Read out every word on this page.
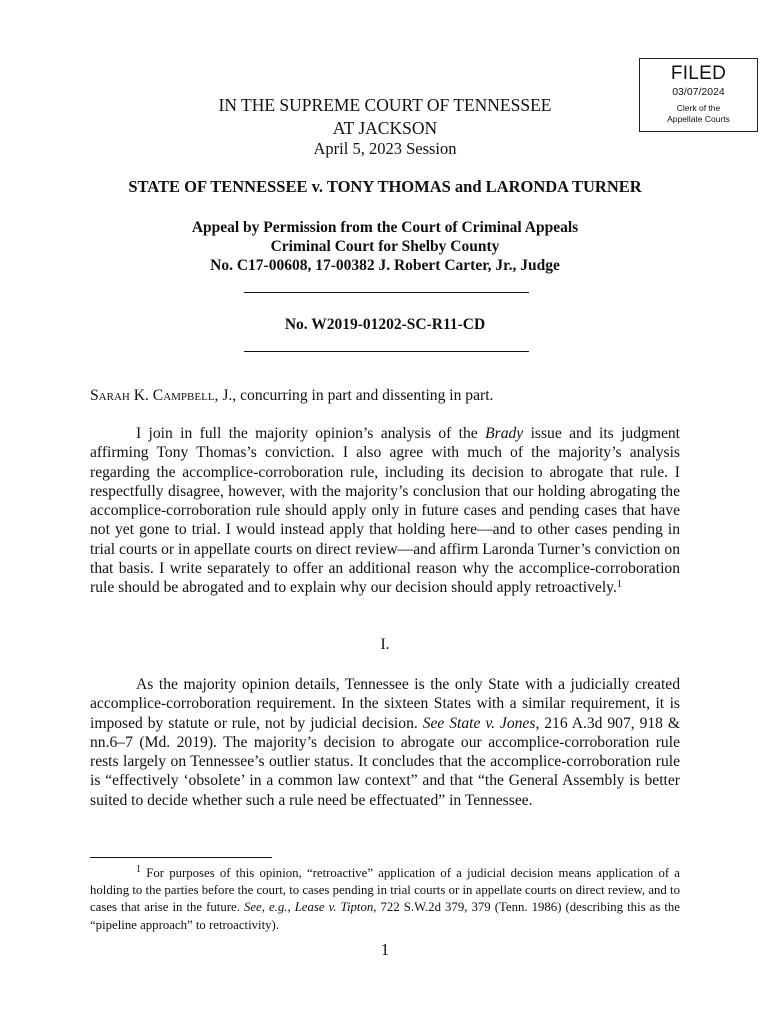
FILED
03/07/2024
Clerk of the
Appellate Courts
IN THE SUPREME COURT OF TENNESSEE
AT JACKSON
April 5, 2023 Session
STATE OF TENNESSEE v. TONY THOMAS and LARONDA TURNER
Appeal by Permission from the Court of Criminal Appeals
Criminal Court for Shelby County
No. C17-00608, 17-00382 J. Robert Carter, Jr., Judge
No. W2019-01202-SC-R11-CD

Sarah K. Campbell, J., concurring in part and dissenting in part.

I join in full the majority opinion’s analysis of the Brady issue and its judgment affirming Tony Thomas’s conviction. I also agree with much of the majority’s analysis regarding the accomplice-corroboration rule, including its decision to abrogate that rule. I respectfully disagree, however, with the majority’s conclusion that our holding abrogating the accomplice-corroboration rule should apply only in future cases and pending cases that have not yet gone to trial. I would instead apply that holding here—and to other cases pending in trial courts or in appellate courts on direct review—and affirm Laronda Turner’s conviction on that basis. I write separately to offer an additional reason why the accomplice-corroboration rule should be abrogated and to explain why our decision should apply retroactively.$^1$

I.

As the majority opinion details, Tennessee is the only State with a judicially created accomplice-corroboration requirement. In the sixteen States with a similar requirement, it is imposed by statute or rule, not by judicial decision. See State v. Jones, 216 A.3d 907, 918 & nn.6–7 (Md. 2019). The majority’s decision to abrogate our accomplice-corroboration rule rests largely on Tennessee’s outlier status. It concludes that the accomplice-corroboration rule is “effectively ‘obsolete’ in a common law context” and that “the General Assembly is better suited to decide whether such a rule need be effectuated” in Tennessee.

$^1$ For purposes of this opinion, “retroactive” application of a judicial decision means application of a holding to the parties before the court, to cases pending in trial courts or in appellate courts on direct review, and to cases that arise in the future. See, e.g., Lease v. Tipton, 722 S.W.2d 379, 379 (Tenn. 1986) (describing this as the “pipeline approach” to retroactivity).

1
